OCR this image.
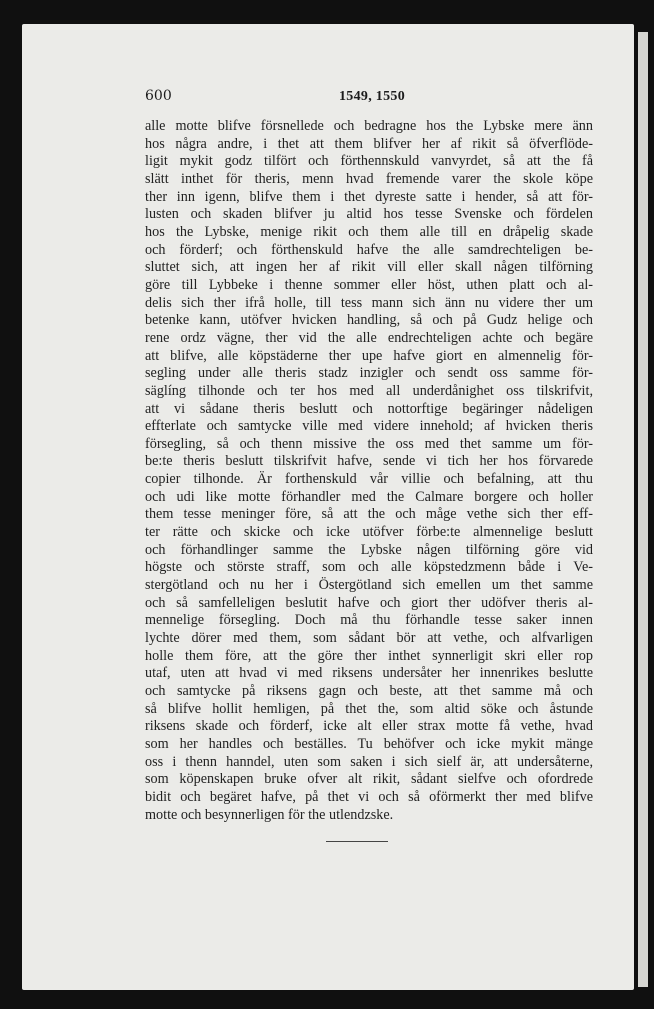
600	1549, 1550
alle motte blifve försnellede och bedragne hos the Lybske mere änn
hos några andre, i thet att them blifver her af rikit så öfverflöde-
ligit mykit godz tilfört och förthennskuld vanvyrdet, så att the få
slätt inthet för theris, menn hvad fremende varer the skole köpe
ther inn igenn, blifve them i thet dyreste satte i hender, så att för-
lusten och skaden blifver ju altid hos tesse Svenske och fördelen
hos the Lybske, menige rikit och them alle till en dråpelig skade
och förderf; och förthenskuld hafve the alle samdrechteligen be-
sluttet sich, att ingen her af rikit vill eller skall någen tilförning
göre till Lybbeke i thenne sommer eller höst, uthen platt och al-
delis sich ther ifrå holle, till tess mann sich änn nu videre ther um
betenke kann, utöfver hvicken handling, så och på Gudz helige och
rene ordz vägne, ther vid the alle endrechteligen achte och begäre
att blifve, alle köpstäderne ther upe hafve giort en almennelig för-
segling under alle theris stadz inzigler och sendt oss samme för-
säglíng tilhonde och ter hos med all underdånighet oss tilskrifvit,
att vi sådane theris beslutt och nottorftige begäringer nådeligen
effterlate och samtycke ville med videre innehold; af hvicken theris
försegling, så och thenn missive the oss med thet samme um för-
be:te theris beslutt tilskrifvit hafve, sende vi tich her hos förvarede
copier tilhonde. Är forthenskuld vår villie och befalning, att thu
och udi like motte förhandler med the Calmare borgere och holler
them tesse meninger före, så att the och måge vethe sich ther eff-
ter rätte och skicke och icke utöfver förbe:te almennelige beslutt
och förhandlinger samme the Lybske någen tilförning göre vid
högste och störste straff, som och alle köpstedzmenn både i Ve-
stergötland och nu her i Östergötland sich emellen um thet samme
och så samfelleligen beslutit hafve och giort ther udöfver theris al-
mennelige försegling. Doch må thu förhandle tesse saker innen
lychte dörer med them, som sådant bör att vethe, och alfvarligen
holle them före, att the göre ther inthet synnerligit skri eller rop
utaf, uten att hvad vi med riksens undersåter her innenrikes beslutte
och samtycke på riksens gagn och beste, att thet samme må och
så blifve hollit hemligen, på thet the, som altid söke och åstunde
riksens skade och förderf, icke alt eller strax motte få vethe, hvad
som her handles och beställes. Tu behöfver och icke mykit mänge
oss i thenn hanndel, uten som saken i sich sielf är, att undersåterne,
som köpenskapen bruke ofver alt rikit, sådant sielfve och ofordrede
bidit och begäret hafve, på thet vi och så oförmerkt ther med blifve
motte och besynnerligen för the utlendzske.
